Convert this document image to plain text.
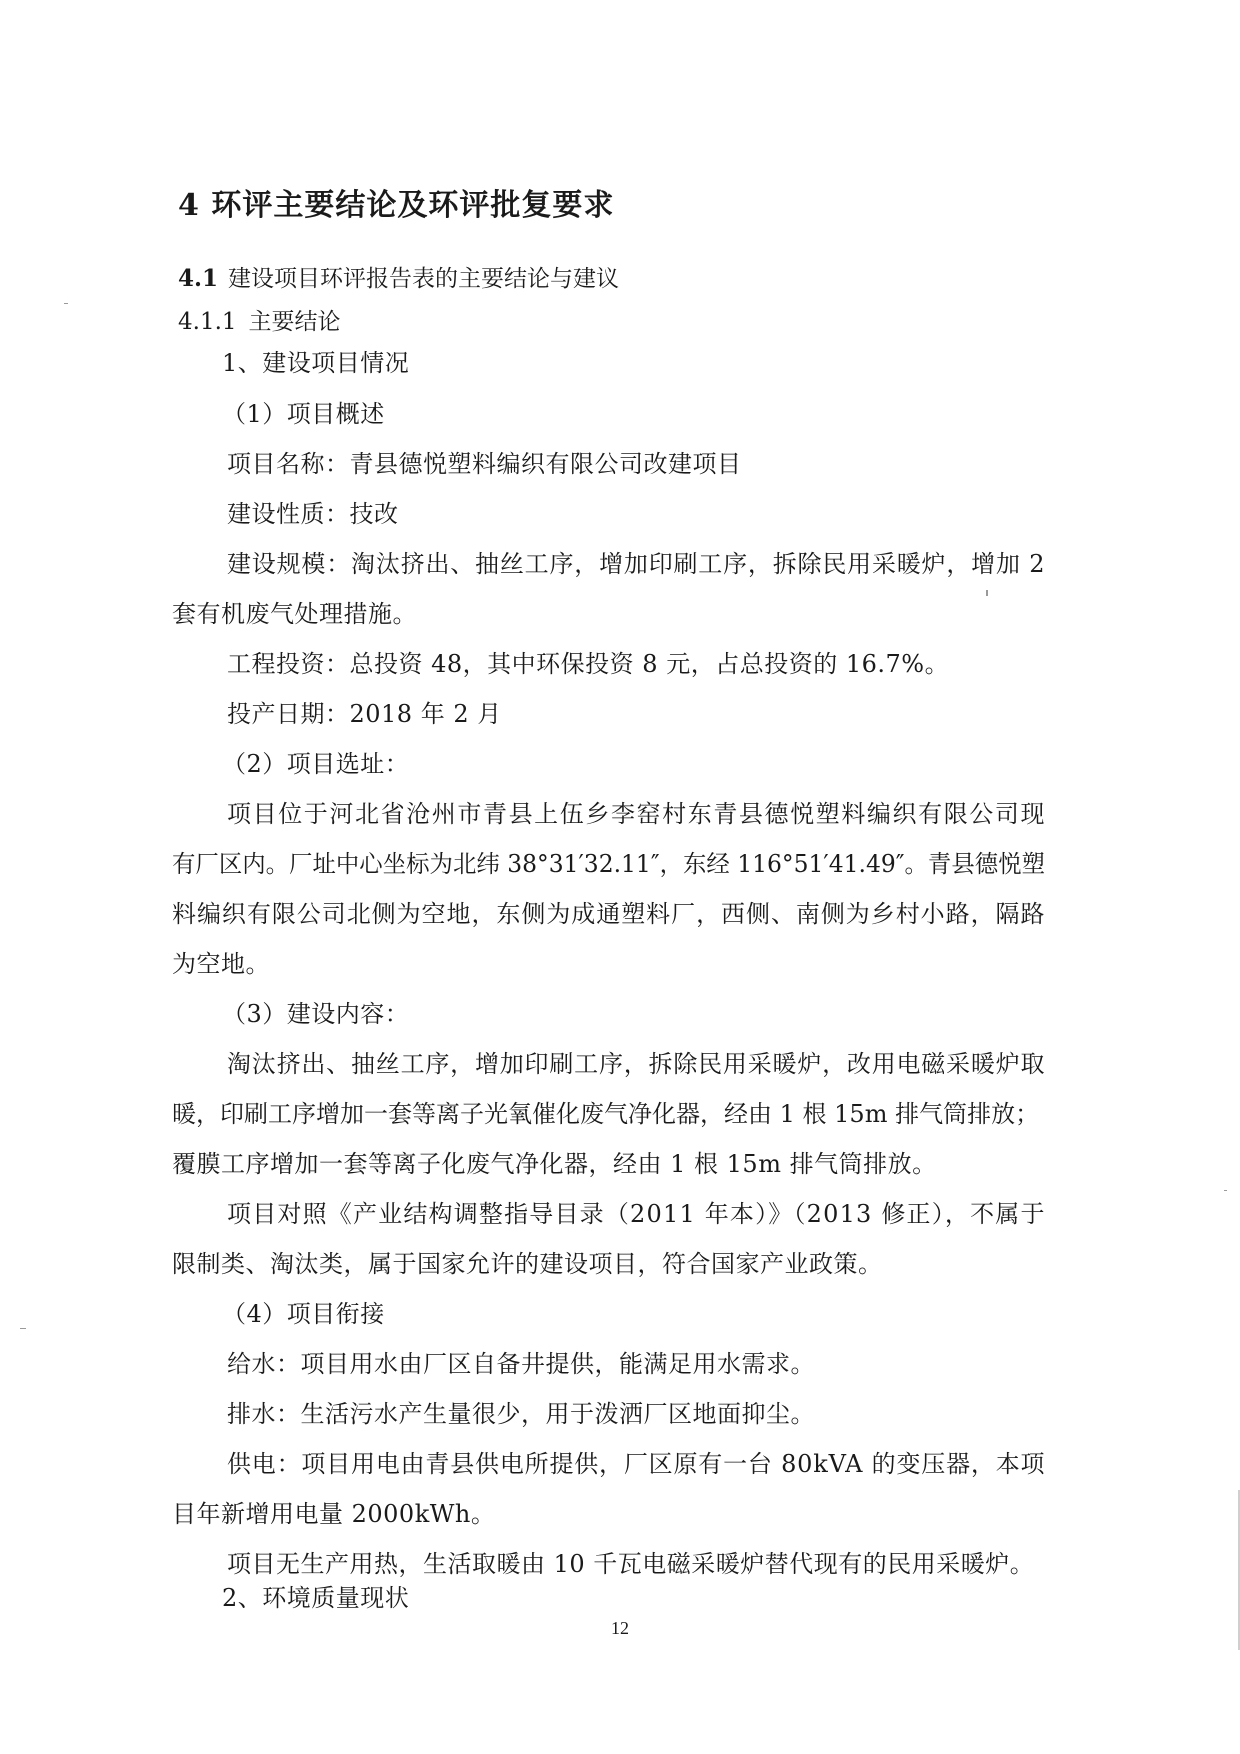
4 环评主要结论及环评批复要求
4.1 建设项目环评报告表的主要结论与建议
4.1.1 主要结论
1、建设项目情况
（1）项目概述
项目名称：青县德悦塑料编织有限公司改建项目
建设性质：技改
建设规模：淘汰挤出、抽丝工序，增加印刷工序，拆除民用采暖炉，增加 2
套有机废气处理措施。
工程投资：总投资 48，其中环保投资 8 元，占总投资的 16.7%。
投产日期：2018 年 2 月
（2）项目选址：
项目位于河北省沧州市青县上伍乡李窑村东青县德悦塑料编织有限公司现
有厂区内。厂址中心坐标为北纬 38°31′32.11″，东经 116°51′41.49″。青县德悦塑
料编织有限公司北侧为空地，东侧为成通塑料厂，西侧、南侧为乡村小路，隔路
为空地。
（3）建设内容：
淘汰挤出、抽丝工序，增加印刷工序，拆除民用采暖炉，改用电磁采暖炉取
暖，印刷工序增加一套等离子光氧催化废气净化器，经由 1 根 15m 排气筒排放；
覆膜工序增加一套等离子化废气净化器，经由 1 根 15m 排气筒排放。
项目对照《产业结构调整指导目录（2011 年本）》（2013 修正），不属于
限制类、淘汰类，属于国家允许的建设项目，符合国家产业政策。
（4）项目衔接
给水：项目用水由厂区自备井提供，能满足用水需求。
排水：生活污水产生量很少，用于泼洒厂区地面抑尘。
供电：项目用电由青县供电所提供，厂区原有一台 80kVA 的变压器，本项
目年新增用电量 2000kWh。
项目无生产用热，生活取暖由 10 千瓦电磁采暖炉替代现有的民用采暖炉。
2、环境质量现状
12
